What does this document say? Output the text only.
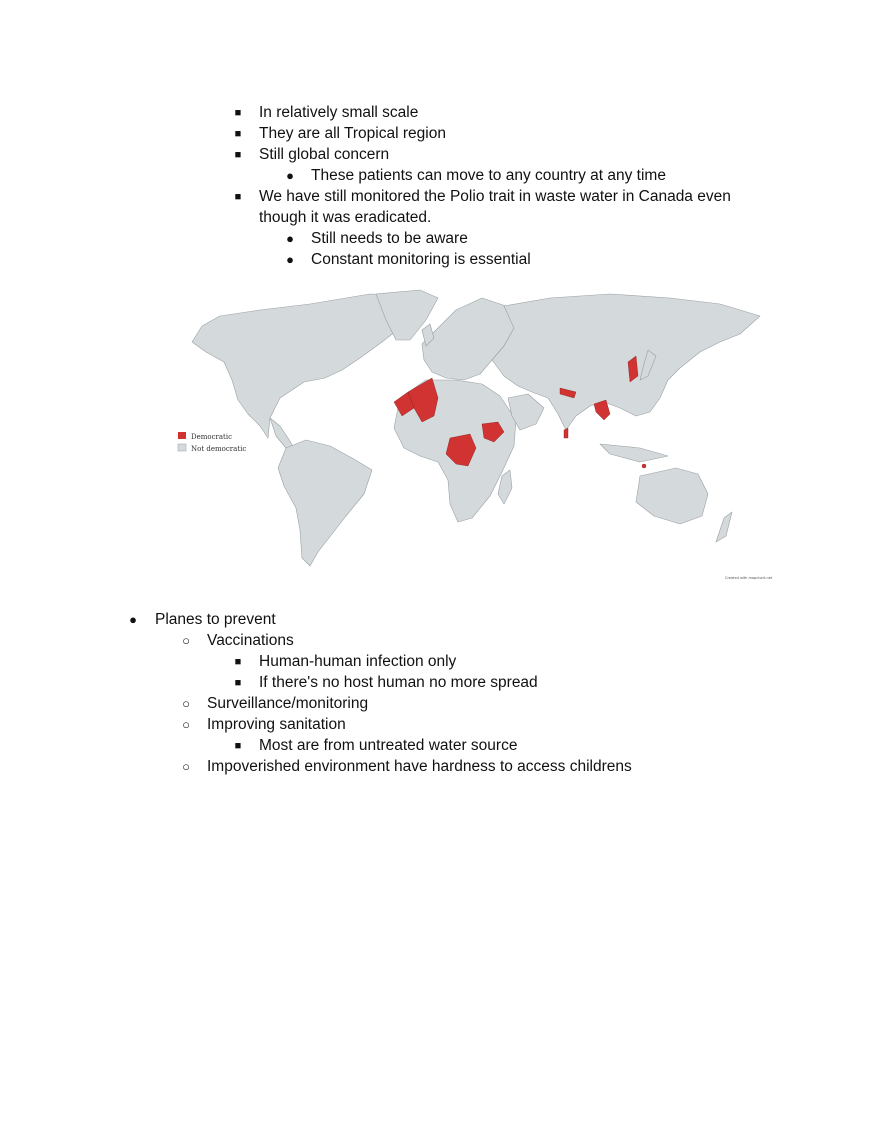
■ In relatively small scale
■ They are all Tropical region
■ Still global concern
● These patients can move to any country at any time
■ We have still monitored the Polio trait in waste water in Canada even
though it was eradicated.
● Still needs to be aware
● Constant monitoring is essential
Democratic
Not democratic
Created with mapchart.net
● Planes to prevent
○ Vaccinations
■ Human-human infection only
■ If there's no host human no more spread
○ Surveillance/monitoring
○ Improving sanitation
■ Most are from untreated water source
○ Impoverished environment have hardness to access childrens
